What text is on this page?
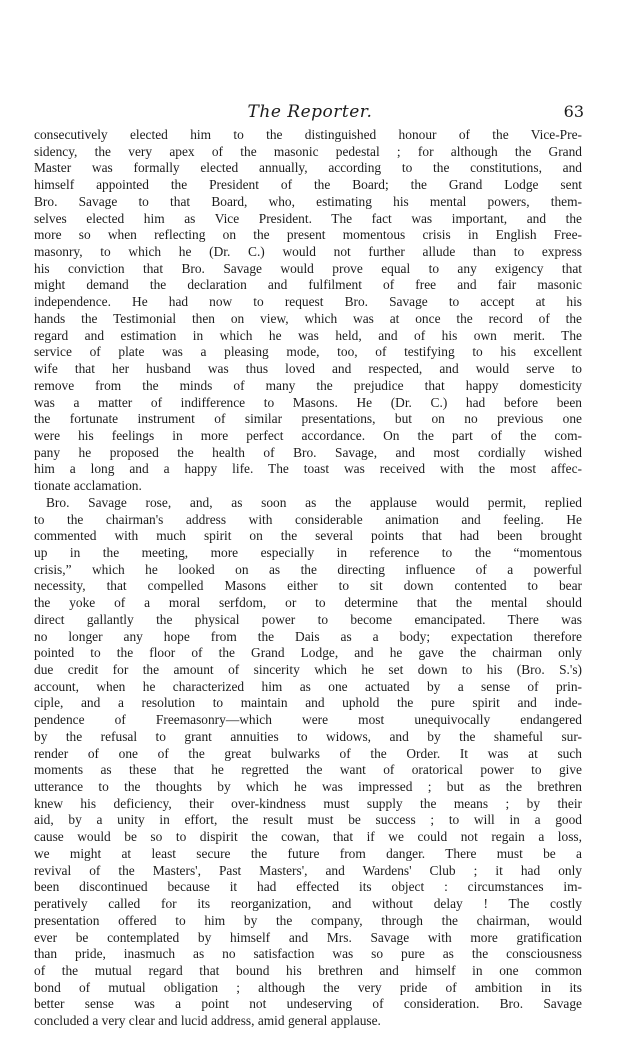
The Reporter.	63
consecutively elected him to the distinguished honour of the Vice-Pre-
sidency, the very apex of the masonic pedestal ; for although the Grand
Master was formally elected annually, according to the constitutions, and
himself appointed the President of the Board; the Grand Lodge sent
Bro. Savage to that Board, who, estimating his mental powers, them-
selves elected him as Vice President. The fact was important, and the
more so when reflecting on the present momentous crisis in English Free-
masonry, to which he (Dr. C.) would not further allude than to express
his conviction that Bro. Savage would prove equal to any exigency that
might demand the declaration and fulfilment of free and fair masonic
independence. He had now to request Bro. Savage to accept at his
hands the Testimonial then on view, which was at once the record of the
regard and estimation in which he was held, and of his own merit. The
service of plate was a pleasing mode, too, of testifying to his excellent
wife that her husband was thus loved and respected, and would serve to
remove from the minds of many the prejudice that happy domesticity
was a matter of indifference to Masons. He (Dr. C.) had before been
the fortunate instrument of similar presentations, but on no previous one
were his feelings in more perfect accordance. On the part of the com-
pany he proposed the health of Bro. Savage, and most cordially wished
him a long and a happy life. The toast was received with the most affec-
tionate acclamation.
Bro. Savage rose, and, as soon as the applause would permit, replied
to the chairman's address with considerable animation and feeling. He
commented with much spirit on the several points that had been brought
up in the meeting, more especially in reference to the “momentous
crisis,” which he looked on as the directing influence of a powerful
necessity, that compelled Masons either to sit down contented to bear
the yoke of a moral serfdom, or to determine that the mental should
direct gallantly the physical power to become emancipated. There was
no longer any hope from the Dais as a body; expectation therefore
pointed to the floor of the Grand Lodge, and he gave the chairman only
due credit for the amount of sincerity which he set down to his (Bro. S.'s)
account, when he characterized him as one actuated by a sense of prin-
ciple, and a resolution to maintain and uphold the pure spirit and inde-
pendence of Freemasonry—which were most unequivocally endangered
by the refusal to grant annuities to widows, and by the shameful sur-
render of one of the great bulwarks of the Order. It was at such
moments as these that he regretted the want of oratorical power to give
utterance to the thoughts by which he was impressed ; but as the brethren
knew his deficiency, their over-kindness must supply the means ; by their
aid, by a unity in effort, the result must be success ; to will in a good
cause would be so to dispirit the cowan, that if we could not regain a loss,
we might at least secure the future from danger. There must be a
revival of the Masters', Past Masters', and Wardens' Club ; it had only
been discontinued because it had effected its object : circumstances im-
peratively called for its reorganization, and without delay ! The costly
presentation offered to him by the company, through the chairman, would
ever be contemplated by himself and Mrs. Savage with more gratification
than pride, inasmuch as no satisfaction was so pure as the consciousness
of the mutual regard that bound his brethren and himself in one common
bond of mutual obligation ; although the very pride of ambition in its
better sense was a point not undeserving of consideration. Bro. Savage
concluded a very clear and lucid address, amid general applause.
